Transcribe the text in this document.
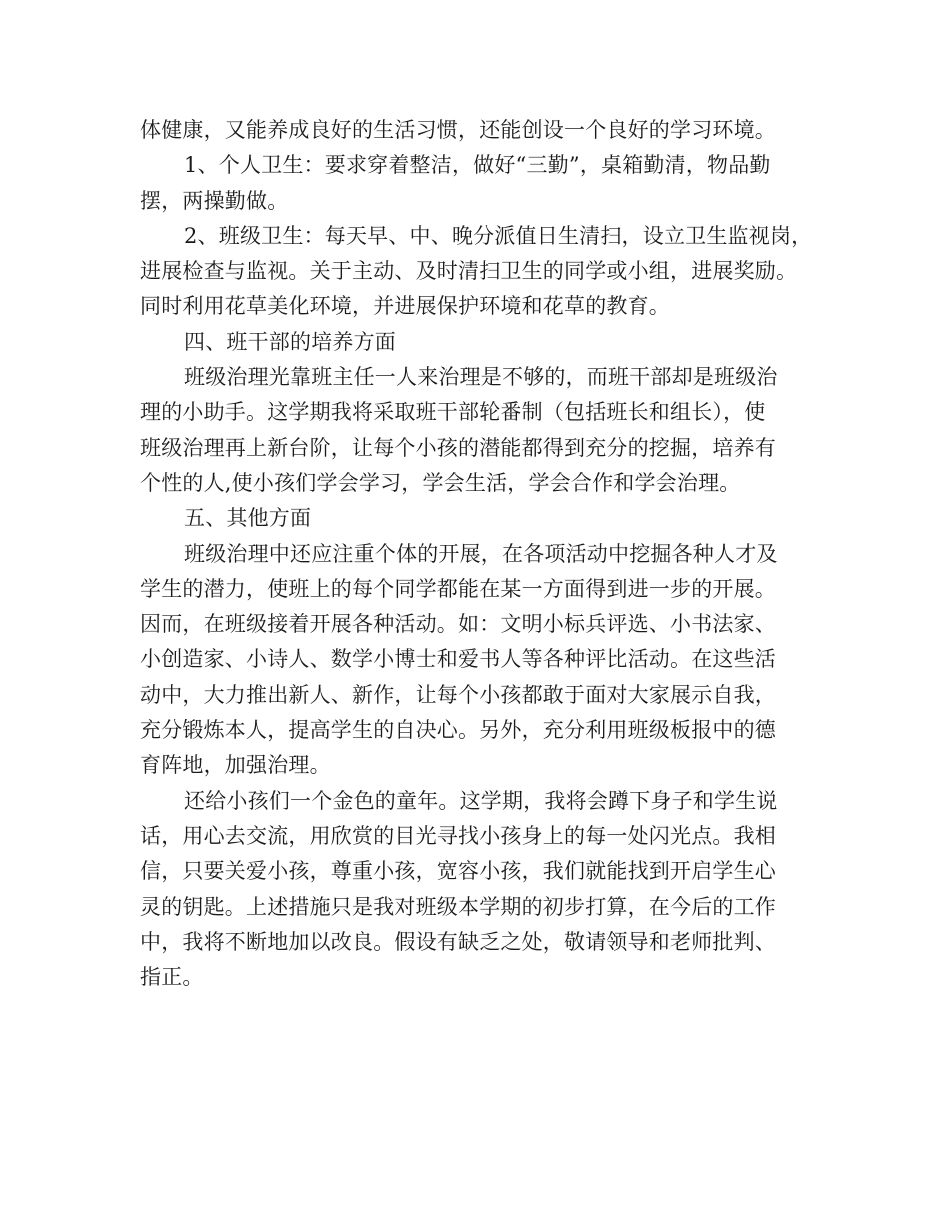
体健康，又能养成良好的生活习惯，还能创设一个良好的学习环境。
1、个人卫生：要求穿着整洁，做好“三勤”，桌箱勤清，物品勤
摆，两操勤做。
2、班级卫生：每天早、中、晚分派值日生清扫，设立卫生监视岗，
进展检查与监视。关于主动、及时清扫卫生的同学或小组，进展奖励。
同时利用花草美化环境，并进展保护环境和花草的教育。
四、班干部的培养方面
班级治理光靠班主任一人来治理是不够的，而班干部却是班级治
理的小助手。这学期我将采取班干部轮番制（包括班长和组长），使
班级治理再上新台阶，让每个小孩的潜能都得到充分的挖掘，培养有
个性的人,使小孩们学会学习，学会生活，学会合作和学会治理。
五、其他方面
班级治理中还应注重个体的开展，在各项活动中挖掘各种人才及
学生的潜力，使班上的每个同学都能在某一方面得到进一步的开展。
因而，在班级接着开展各种活动。如：文明小标兵评选、小书法家、
小创造家、小诗人、数学小博士和爱书人等各种评比活动。在这些活
动中，大力推出新人、新作，让每个小孩都敢于面对大家展示自我，
充分锻炼本人，提高学生的自决心。另外，充分利用班级板报中的德
育阵地，加强治理。
还给小孩们一个金色的童年。这学期，我将会蹲下身子和学生说
话，用心去交流，用欣赏的目光寻找小孩身上的每一处闪光点。我相
信，只要关爱小孩，尊重小孩，宽容小孩，我们就能找到开启学生心
灵的钥匙。上述措施只是我对班级本学期的初步打算，在今后的工作
中，我将不断地加以改良。假设有缺乏之处，敬请领导和老师批判、
指正。
